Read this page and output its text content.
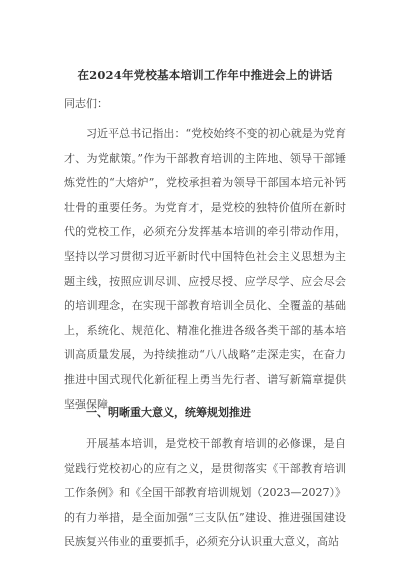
在2024年党校基本培训工作年中推进会上的讲话
同志们：

习近平总书记指出：“党校始终不变的初心就是为党育才、为党献策。”作为干部教育培训的主阵地、领导干部锤炼党性的“大熔炉”，党校承担着为领导干部国本培元补钙壮骨的重要任务。为党育才，是党校的独特价值所在新时代的党校工作，必须充分发挥基本培训的牵引带动作用，坚持以学习贯彻习近平新时代中国特色社会主义思想为主题主线，按照应训尽训、应授尽授、应学尽学、应会尽会的培训理念，在实现干部教育培训全员化、全覆盖的基础上，系统化、规范化、精准化推进各级各类干部的基本培训高质量发展，为持续推动“八八战略”走深走实，在奋力推进中国式现代化新征程上勇当先行者、谱写新篇章提供坚强保障。

一、明晰重大意义，统筹规划推进

开展基本培训，是党校干部教育培训的必修课，是自觉践行党校初心的应有之义，是贯彻落实《干部教育培训工作条例》和《全国干部教育培训规划（2023—2027）》的有力举措，是全面加强“三支队伍”建设、推进强国建设民族复兴伟业的重要抓手，必须充分认识重大意义，高站
